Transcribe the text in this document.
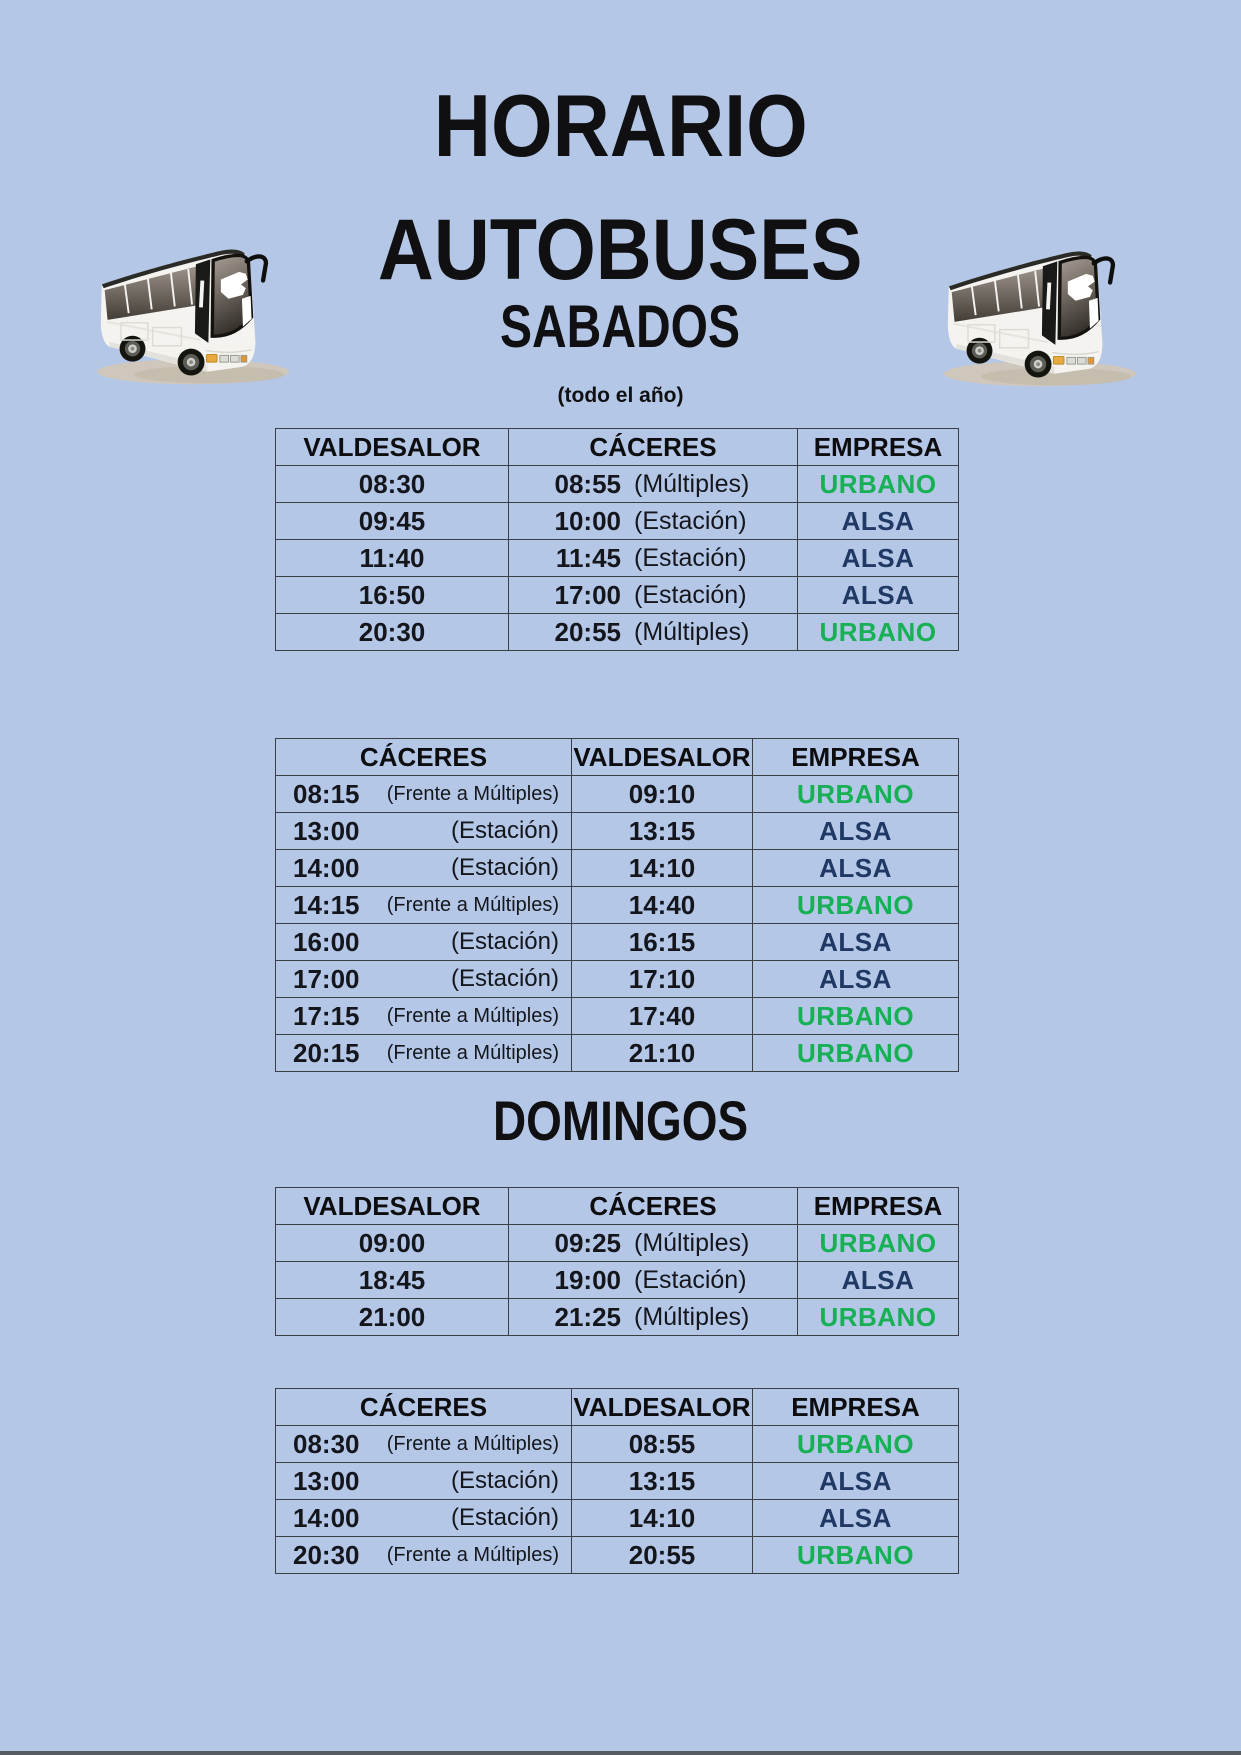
HORARIO
AUTOBUSES
SABADOS
(todo el año)
VALDESALOR	CÁCERES	EMPRESA
08:30	08:55 (Múltiples)	URBANO
09:45	10:00 (Estación)	ALSA
11:40	11:45 (Estación)	ALSA
16:50	17:00 (Estación)	ALSA
20:30	20:55 (Múltiples)	URBANO
CÁCERES	VALDESALOR	EMPRESA

08:15 (Frente a Múltiples)	09:10	URBANO

13:00 (Estación)	13:15	ALSA

14:00 (Estación)	14:10	ALSA

14:15 (Frente a Múltiples)	14:40	URBANO

16:00 (Estación)	16:15	ALSA

17:00 (Estación)	17:10	ALSA

17:15 (Frente a Múltiples)	17:40	URBANO

20:15 (Frente a Múltiples)	21:10	URBANO
DOMINGOS
VALDESALOR	CÁCERES	EMPRESA
09:00	09:25 (Múltiples)	URBANO
18:45	19:00 (Estación)	ALSA
21:00	21:25 (Múltiples)	URBANO
CÁCERES	VALDESALOR	EMPRESA

08:30 (Frente a Múltiples)	08:55	URBANO

13:00 (Estación)	13:15	ALSA

14:00 (Estación)	14:10	ALSA

20:30 (Frente a Múltiples)	20:55	URBANO
